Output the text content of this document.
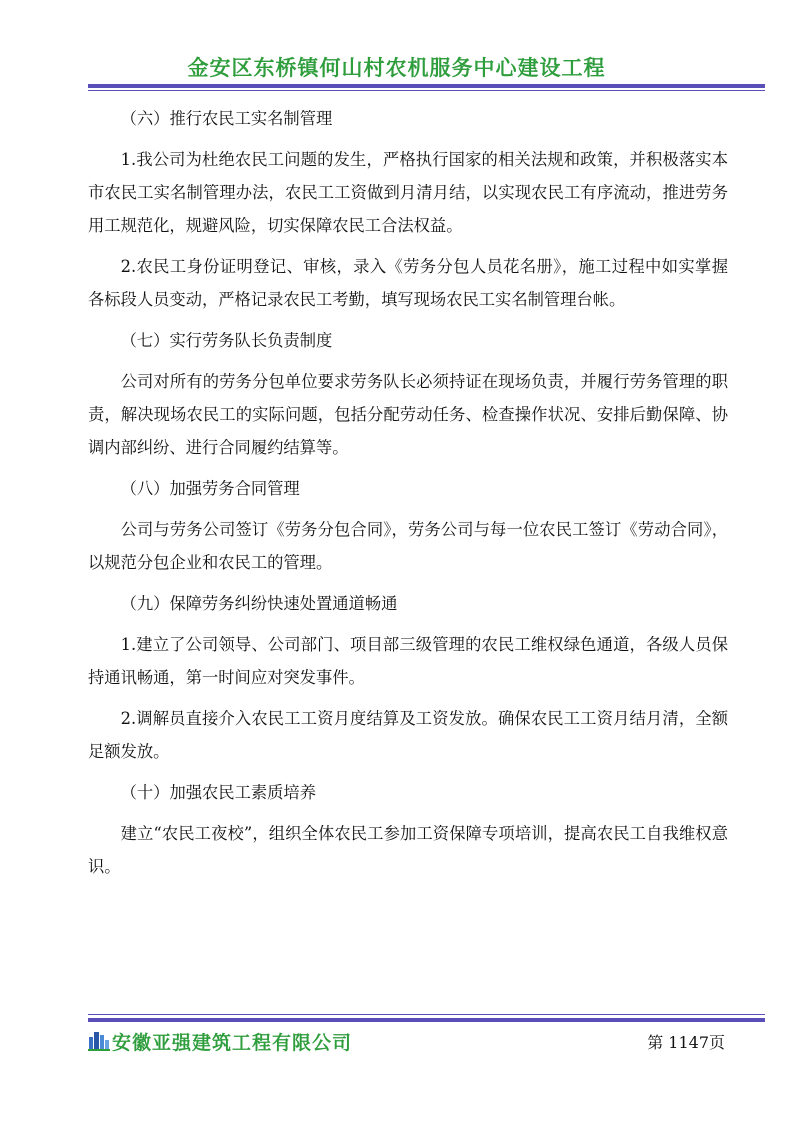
金安区东桥镇何山村农机服务中心建设工程

（六）推行农民工实名制管理

1.我公司为杜绝农民工问题的发生，严格执行国家的相关法规和政策，并积极落实本市农民工实名制管理办法，农民工工资做到月清月结，以实现农民工有序流动，推进劳务用工规范化，规避风险，切实保障农民工合法权益。

2.农民工身份证明登记、审核，录入《劳务分包人员花名册》，施工过程中如实掌握各标段人员变动，严格记录农民工考勤，填写现场农民工实名制管理台帐。

（七）实行劳务队长负责制度

公司对所有的劳务分包单位要求劳务队长必须持证在现场负责，并履行劳务管理的职责，解决现场农民工的实际问题，包括分配劳动任务、检查操作状况、安排后勤保障、协调内部纠纷、进行合同履约结算等。

（八）加强劳务合同管理

公司与劳务公司签订《劳务分包合同》，劳务公司与每一位农民工签订《劳动合同》，以规范分包企业和农民工的管理。

（九）保障劳务纠纷快速处置通道畅通

1.建立了公司领导、公司部门、项目部三级管理的农民工维权绿色通道，各级人员保持通讯畅通，第一时间应对突发事件。

2.调解员直接介入农民工工资月度结算及工资发放。确保农民工工资月结月清，全额足额发放。

（十）加强农民工素质培养

建立“农民工夜校”，组织全体农民工参加工资保障专项培训，提高农民工自我维权意识。

安徽亚强建筑工程有限公司	第 1147页
